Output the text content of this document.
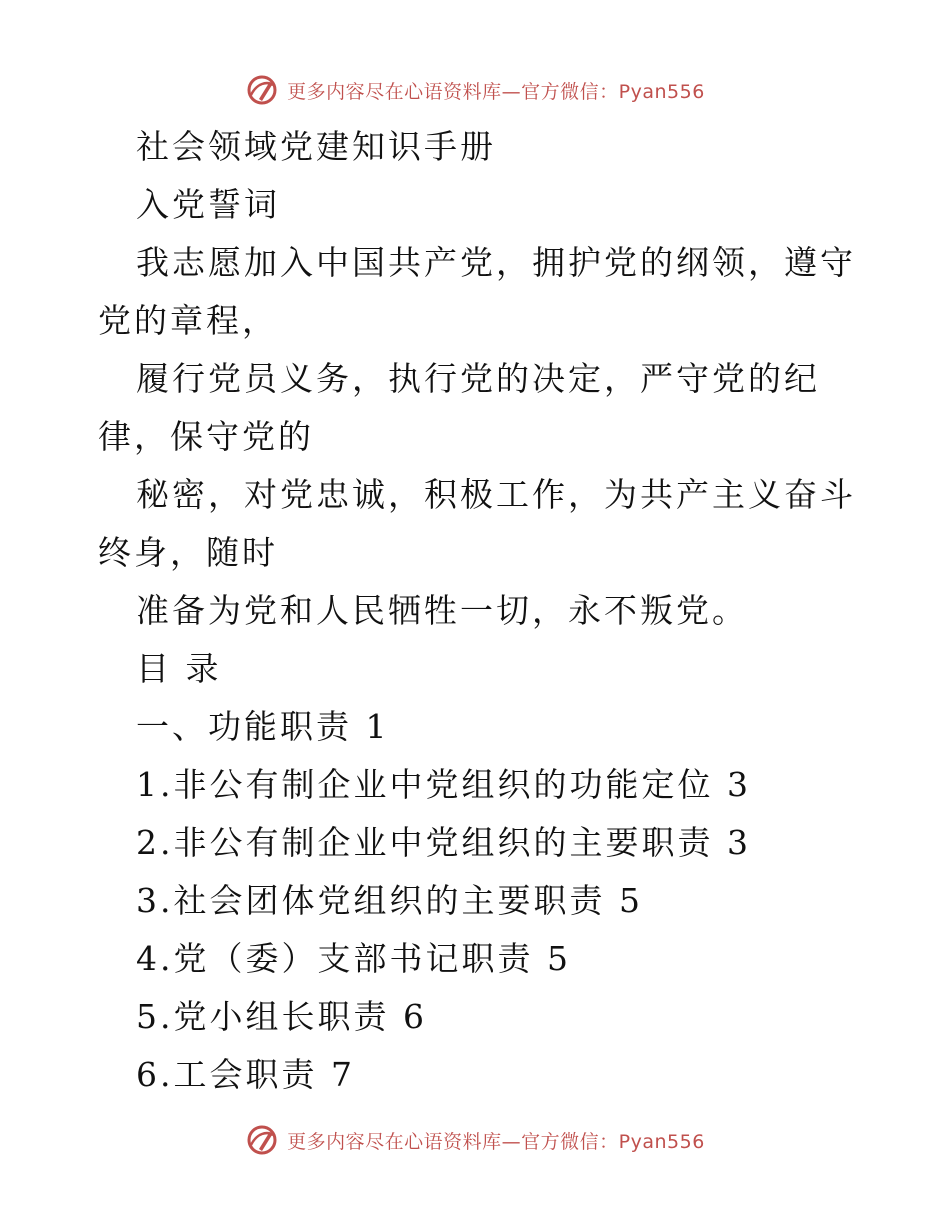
更多内容尽在心语资料库—官方微信：Pyan556

社会领域党建知识手册

入党誓词

我志愿加入中国共产党，拥护党的纲领，遵守党的章程，

履行党员义务，执行党的决定，严守党的纪律，保守党的

秘密，对党忠诚，积极工作，为共产主义奋斗终身，随时

准备为党和人民牺牲一切，永不叛党。

目 录

一、功能职责 1

1.非公有制企业中党组织的功能定位 3

2.非公有制企业中党组织的主要职责 3

3.社会团体党组织的主要职责 5

4.党（委）支部书记职责 5

5.党小组长职责 6

6.工会职责 7

更多内容尽在心语资料库—官方微信：Pyan556
